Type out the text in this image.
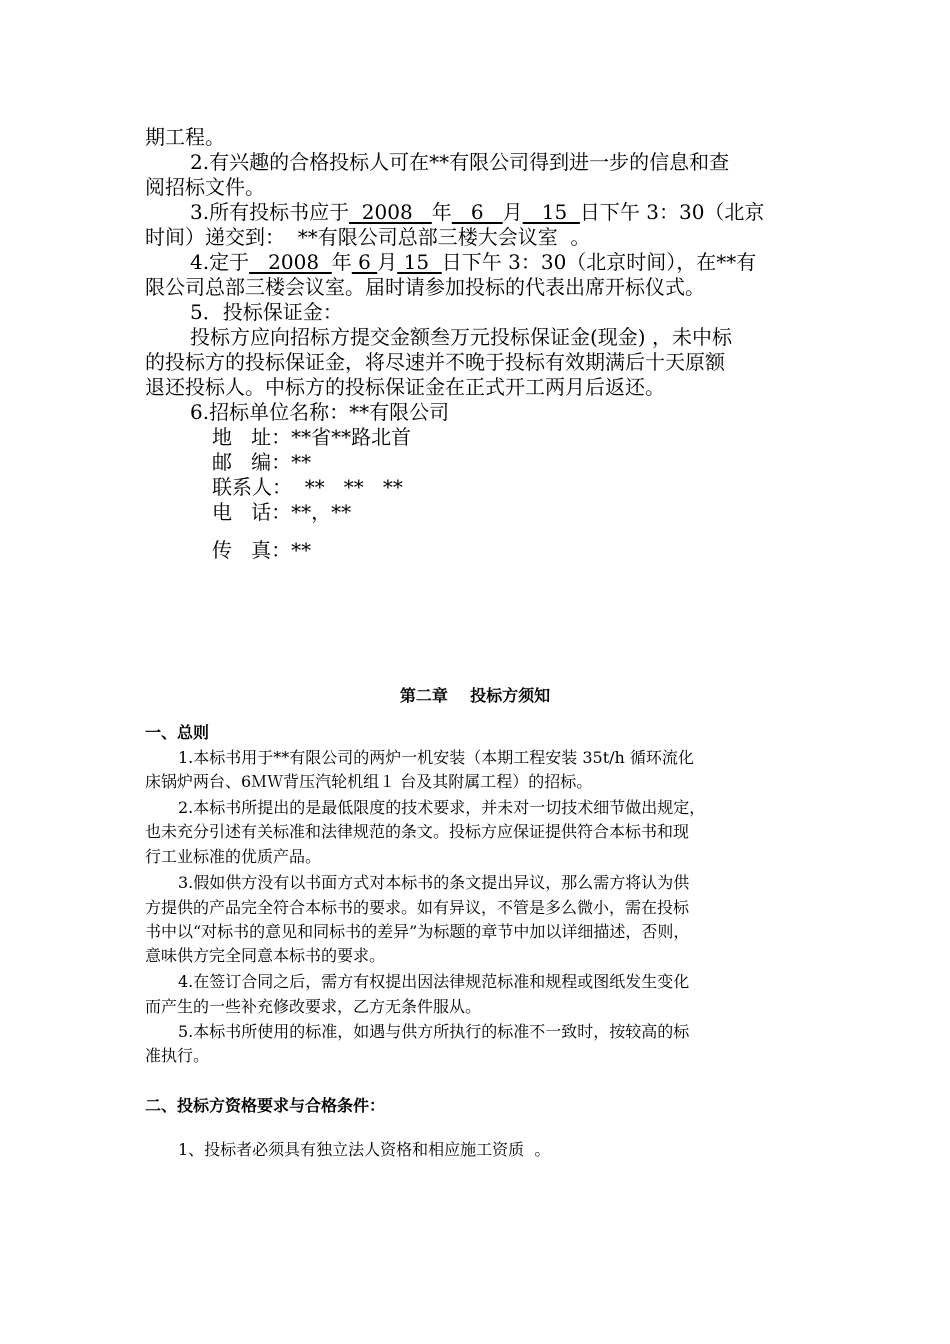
期工程。
2.有兴趣的合格投标人可在**有限公司得到进一步的信息和查
阅招标文件。
3.所有投标书应于  2008   年   6   月   15  日下午 3：30（北京
时间）递交到：  **有限公司总部三楼大会议室  。
4.定于   2008  年 6 月 15  日下午 3：30（北京时间），在**有
限公司总部三楼会议室。届时请参加投标的代表出席开标仪式。
5．投标保证金：
投标方应向招标方提交金额叁万元投标保证金(现金) ，未中标
的投标方的投标保证金，将尽速并不晚于投标有效期满后十天原额
退还投标人。中标方的投标保证金在正式开工两月后返还。
6.招标单位名称：**有限公司
地   址：**省**路北首
邮   编：**
联系人：  **   **   **
电   话：**，**
传   真：**
第二章    投标方须知
一、总则
1.本标书用于**有限公司的两炉一机安装（本期工程安装 35t/h 循环流化
床锅炉两台、6ＭＷ背压汽轮机组１ 台及其附属工程）的招标。
2.本标书所提出的是最低限度的技术要求，并未对一切技术细节做出规定，
也未充分引述有关标准和法律规范的条文。投标方应保证提供符合本标书和现
行工业标准的优质产品。
3.假如供方没有以书面方式对本标书的条文提出异议，那么需方将认为供
方提供的产品完全符合本标书的要求。如有异议，不管是多么微小，需在投标
书中以“对标书的意见和同标书的差异”为标题的章节中加以详细描述，否则，
意味供方完全同意本标书的要求。
4.在签订合同之后，需方有权提出因法律规范标准和规程或图纸发生变化
而产生的一些补充修改要求，乙方无条件服从。
5.本标书所使用的标准，如遇与供方所执行的标准不一致时，按较高的标
准执行。
二、投标方资格要求与合格条件：
1、投标者必须具有独立法人资格和相应施工资质  。
